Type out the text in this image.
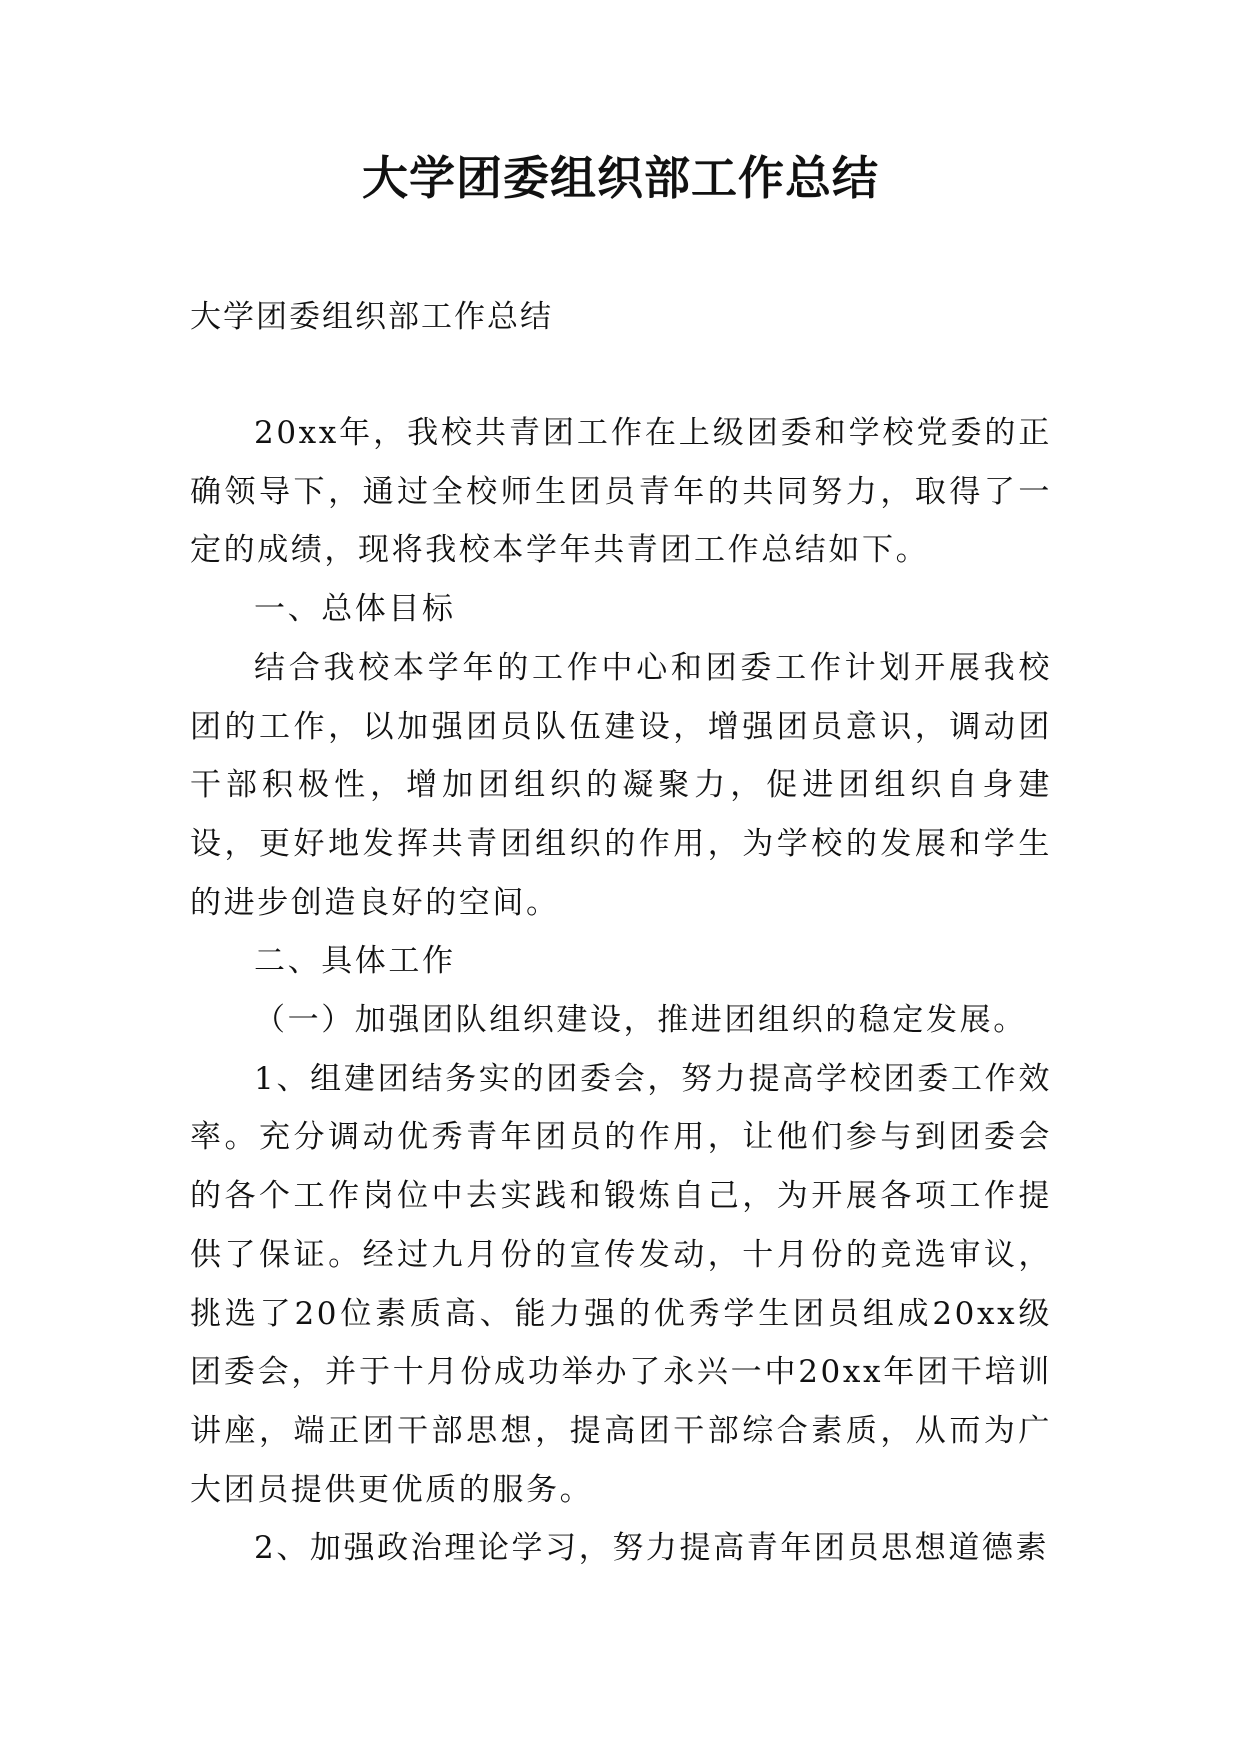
大学团委组织部工作总结

大学团委组织部工作总结

20xx年，我校共青团工作在上级团委和学校党委的正确领导下，通过全校师生团员青年的共同努力，取得了一定的成绩，现将我校本学年共青团工作总结如下。

一、总体目标

结合我校本学年的工作中心和团委工作计划开展我校团的工作，以加强团员队伍建设，增强团员意识，调动团干部积极性，增加团组织的凝聚力，促进团组织自身建设，更好地发挥共青团组织的作用，为学校的发展和学生的进步创造良好的空间。

二、具体工作

（一）加强团队组织建设，推进团组织的稳定发展。

1、组建团结务实的团委会，努力提高学校团委工作效率。充分调动优秀青年团员的作用，让他们参与到团委会的各个工作岗位中去实践和锻炼自己，为开展各项工作提供了保证。经过九月份的宣传发动，十月份的竞选审议，挑选了20位素质高、能力强的优秀学生团员组成20xx级团委会，并于十月份成功举办了永兴一中20xx年团干培训讲座，端正团干部思想，提高团干部综合素质，从而为广大团员提供更优质的服务。

2、加强政治理论学习，努力提高青年团员思想道德素
